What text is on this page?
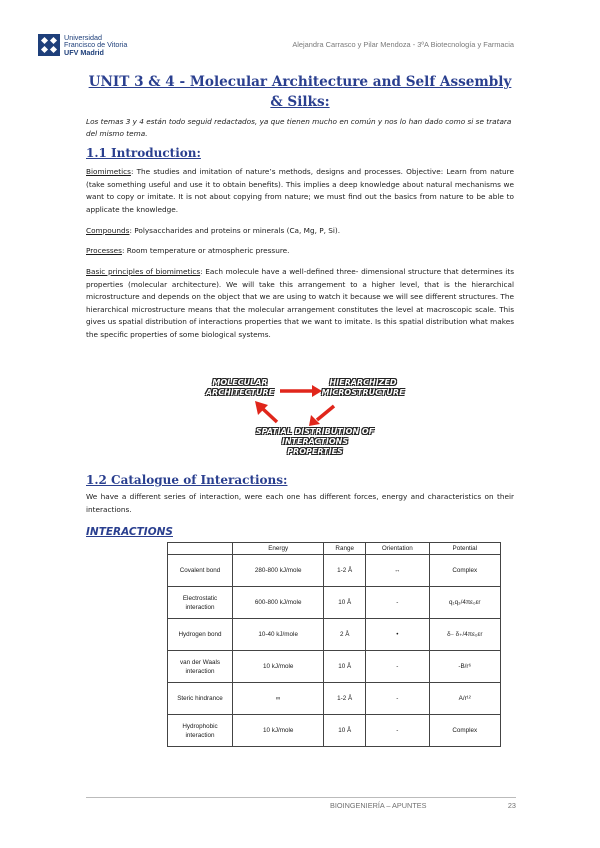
Universidad
Francisco de Vitoria
UFV Madrid
Alejandra Carrasco y Pilar Mendoza - 3ºA Biotecnología y Farmacia
UNIT 3 & 4 - Molecular Architecture and Self Assembly & Silks:
Los temas 3 y 4 están todo seguid redactados, ya que tienen mucho en común y nos lo han dado como si se tratara del mismo tema.
1.1 Introduction:
Biomimetics: The studies and imitation of nature’s methods, designs and processes. Objective: Learn from nature (take something useful and use it to obtain benefits). This implies a deep knowledge about natural mechanisms we want to copy or imitate. It is not about copying from nature; we must find out the basics from nature to be able to applicate the knowledge.
Compounds: Polysaccharides and proteins or minerals (Ca, Mg, P, Si).
Processes: Room temperature or atmospheric pressure.
Basic principles of biomimetics: Each molecule have a well-defined three- dimensional structure that determines its properties (molecular architecture). We will take this arrangement to a higher level, that is the hierarchical microstructure and depends on the object that we are using to watch it because we will see different structures. The hierarchical microstructure means that the molecular arrangement constitutes the level at macroscopic scale. This gives us spatial distribution of interactions properties that we want to imitate. Is this spatial distribution what makes the specific properties of some biological systems.
MOLECULAR ARCHITECTURE
HIERARCHIZED MICROSTRUCTURE
SPATIAL DISTRIBUTION OF INTERACTIONS PROPERTIES
1.2 Catalogue of Interactions:
We have a different series of interaction, were each one has different forces, energy and characteristics on their interactions.
INTERACTIONS
	Energy	Range	Orientation	Potential
Covalent bond	280-800 kJ/mole	1-2 Å	↔	Complex
Electrostatic interaction	600-800 kJ/mole	10 Å	-	q₁q₂/4πε₀εr
Hydrogen bond	10-40 kJ/mole	2 Å	•	δ₋ δ₊/4πε₀εr
van der Waals interaction	10 kJ/mole	10 Å	-	-B/r⁶
Steric hindrance	∞	1-2 Å	-	A/r¹²
Hydrophobic interaction	10 kJ/mole	10 Å	-	Complex
BIOINGENIERÍA – APUNTES	23
